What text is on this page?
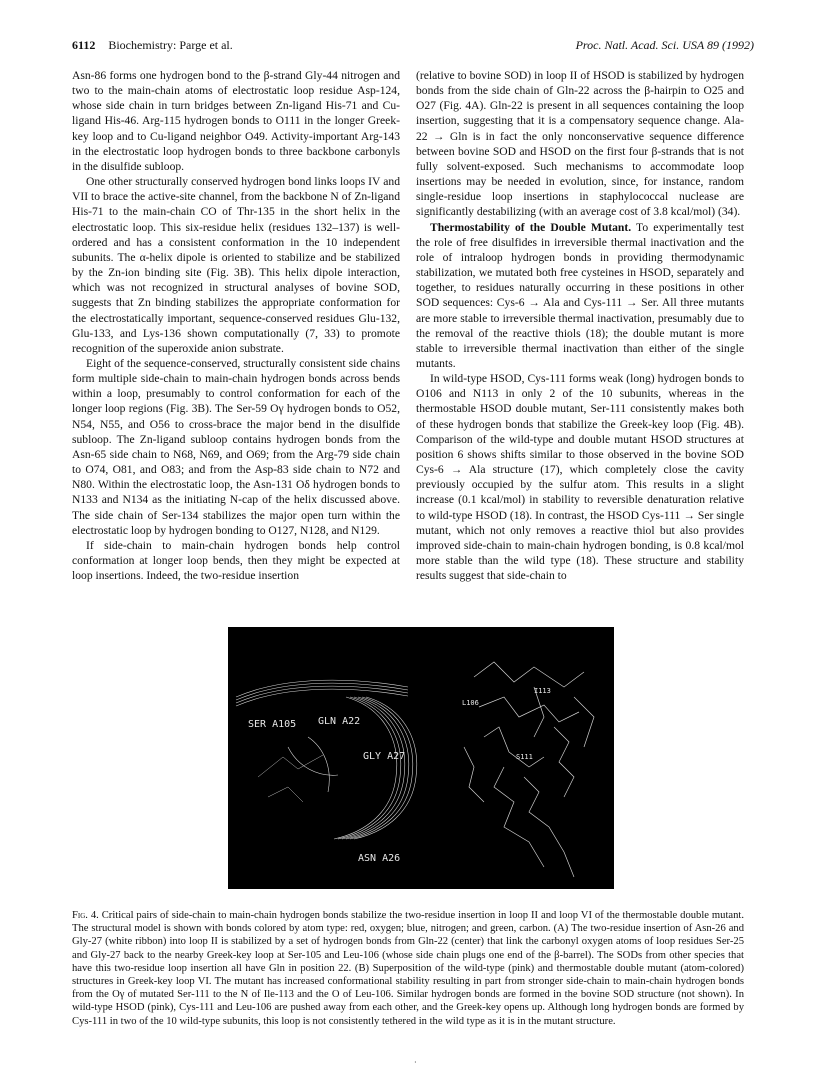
6112 Biochemistry: Parge et al.	Proc. Natl. Acad. Sci. USA 89 (1992)

Asn-86 forms one hydrogen bond to the β-strand Gly-44 nitrogen and two to the main-chain atoms of electrostatic loop residue Asp-124, whose side chain in turn bridges between Zn-ligand His-71 and Cu-ligand His-46. Arg-115 hydrogen bonds to O111 in the longer Greek-key loop and to Cu-ligand neighbor O49. Activity-important Arg-143 in the electrostatic loop hydrogen bonds to three backbone carbonyls in the disulfide subloop.

One other structurally conserved hydrogen bond links loops IV and VII to brace the active-site channel, from the backbone N of Zn-ligand His-71 to the main-chain CO of Thr-135 in the short helix in the electrostatic loop. This six-residue helix (residues 132–137) is well-ordered and has a consistent conformation in the 10 independent subunits. The α-helix dipole is oriented to stabilize and be stabilized by the Zn-ion binding site (Fig. 3B). This helix dipole interaction, which was not recognized in structural analyses of bovine SOD, suggests that Zn binding stabilizes the appropriate conformation for the electrostatically important, sequence-conserved residues Glu-132, Glu-133, and Lys-136 shown computationally (7, 33) to promote recognition of the superoxide anion substrate.

Eight of the sequence-conserved, structurally consistent side chains form multiple side-chain to main-chain hydrogen bonds across bends within a loop, presumably to control conformation for each of the longer loop regions (Fig. 3B). The Ser-59 Oγ hydrogen bonds to O52, N54, N55, and O56 to cross-brace the major bend in the disulfide subloop. The Zn-ligand subloop contains hydrogen bonds from the Asn-65 side chain to N68, N69, and O69; from the Arg-79 side chain to O74, O81, and O83; and from the Asp-83 side chain to N72 and N80. Within the electrostatic loop, the Asn-131 Oδ hydrogen bonds to N133 and N134 as the initiating N-cap of the helix discussed above. The side chain of Ser-134 stabilizes the major open turn within the electrostatic loop by hydrogen bonding to O127, N128, and N129.

If side-chain to main-chain hydrogen bonds help control conformation at longer loop bends, then they might be expected at loop insertions. Indeed, the two-residue insertion

(relative to bovine SOD) in loop II of HSOD is stabilized by hydrogen bonds from the side chain of Gln-22 across the β-hairpin to O25 and O27 (Fig. 4A). Gln-22 is present in all sequences containing the loop insertion, suggesting that it is a compensatory sequence change. Ala-22 → Gln is in fact the only nonconservative sequence difference between bovine SOD and HSOD on the first four β-strands that is not fully solvent-exposed. Such mechanisms to accommodate loop insertions may be needed in evolution, since, for instance, random single-residue loop insertions in staphylococcal nuclease are significantly destabilizing (with an average cost of 3.8 kcal/mol) (34).

Thermostability of the Double Mutant. To experimentally test the role of free disulfides in irreversible thermal inactivation and the role of intraloop hydrogen bonds in providing thermodynamic stabilization, we mutated both free cysteines in HSOD, separately and together, to residues naturally occurring in these positions in other SOD sequences: Cys-6 → Ala and Cys-111 → Ser. All three mutants are more stable to irreversible thermal inactivation, presumably due to the removal of the reactive thiols (18); the double mutant is more stable to irreversible thermal inactivation than either of the single mutants.

In wild-type HSOD, Cys-111 forms weak (long) hydrogen bonds to O106 and N113 in only 2 of the 10 subunits, whereas in the thermostable HSOD double mutant, Ser-111 consistently makes both of these hydrogen bonds that stabilize the Greek-key loop (Fig. 4B). Comparison of the wild-type and double mutant HSOD structures at position 6 shows shifts similar to those observed in the bovine SOD Cys-6 → Ala structure (17), which completely close the cavity previously occupied by the sulfur atom. This results in a slight increase (0.1 kcal/mol) in stability to reversible denaturation relative to wild-type HSOD (18). In contrast, the HSOD Cys-111 → Ser single mutant, which not only removes a reactive thiol but also provides improved side-chain to main-chain hydrogen bonding, is 0.8 kcal/mol more stable than the wild type (18). These structure and stability results suggest that side-chain to

SER A105 GLN A22
GLY A27
ASN A26
L106
I113
S111
Fig. 4. Critical pairs of side-chain to main-chain hydrogen bonds stabilize the two-residue insertion in loop II and loop VI of the thermostable double mutant. The structural model is shown with bonds colored by atom type: red, oxygen; blue, nitrogen; and green, carbon. (A) The two-residue insertion of Asn-26 and Gly-27 (white ribbon) into loop II is stabilized by a set of hydrogen bonds from Gln-22 (center) that link the carbonyl oxygen atoms of loop residues Ser-25 and Gly-27 back to the nearby Greek-key loop at Ser-105 and Leu-106 (whose side chain plugs one end of the β-barrel). The SODs from other species that have this two-residue loop insertion all have Gln in position 22. (B) Superposition of the wild-type (pink) and thermostable double mutant (atom-colored) structures in Greek-key loop VI. The mutant has increased conformational stability resulting in part from stronger side-chain to main-chain hydrogen bonds from the Oγ of mutated Ser-111 to the N of Ile-113 and the O of Leu-106. Similar hydrogen bonds are formed in the bovine SOD structure (not shown). In wild-type HSOD (pink), Cys-111 and Leu-106 are pushed away from each other, and the Greek-key opens up. Although long hydrogen bonds are formed by Cys-111 in two of the 10 wild-type subunits, this loop is not consistently tethered in the wild type as it is in the mutant structure.
·
